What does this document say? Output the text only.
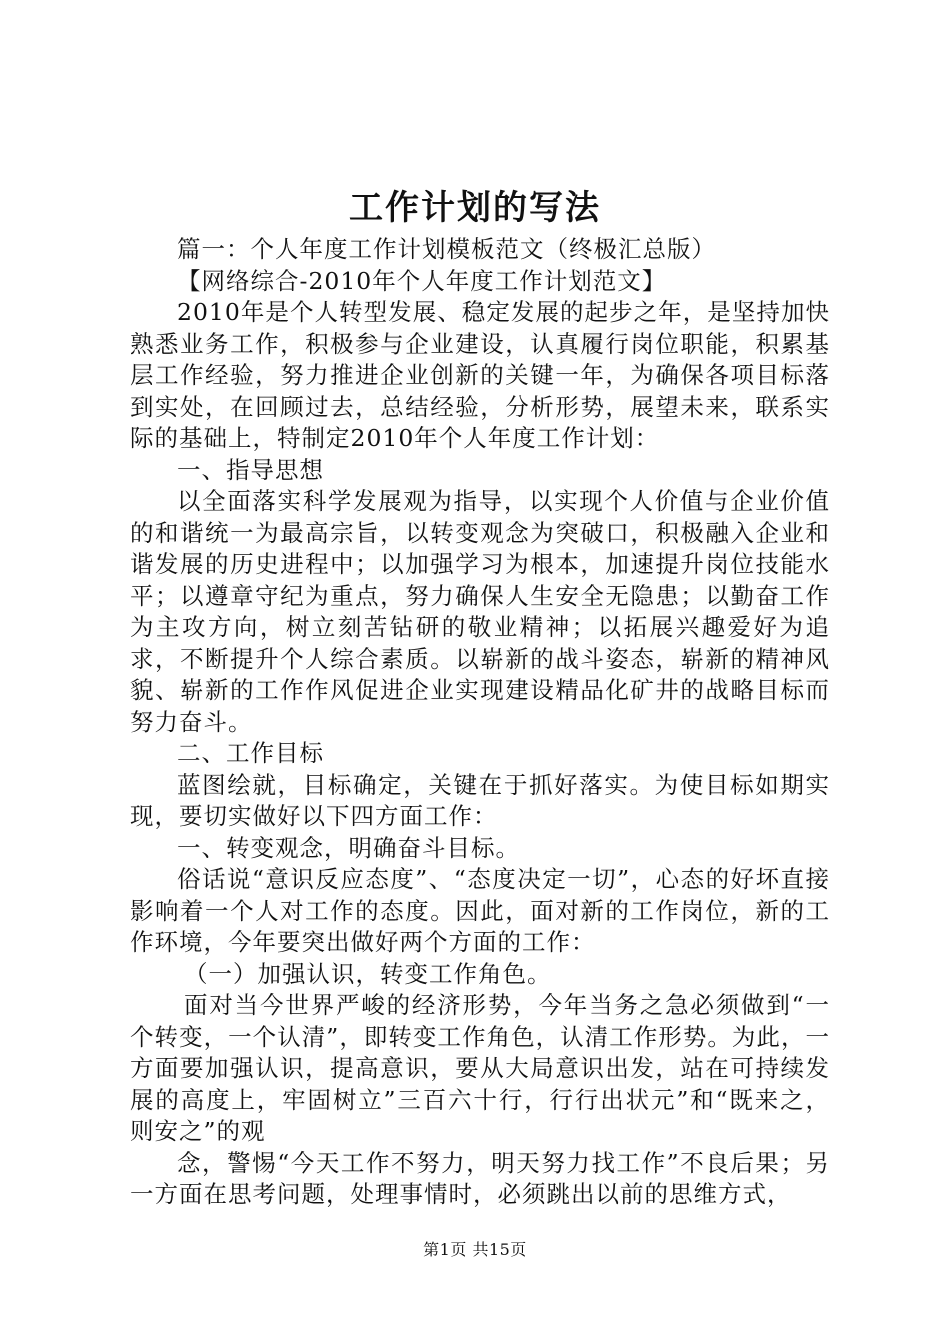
工作计划的写法

篇一：个人年度工作计划模板范文（终极汇总版）

【网络综合-2010年个人年度工作计划范文】

2010年是个人转型发展、稳定发展的起步之年，是坚持加快熟悉业务工作，积极参与企业建设，认真履行岗位职能，积累基层工作经验，努力推进企业创新的关键一年，为确保各项目标落到实处，在回顾过去，总结经验，分析形势，展望未来，联系实际的基础上，特制定2010年个人年度工作计划：

一、指导思想

以全面落实科学发展观为指导，以实现个人价值与企业价值的和谐统一为最高宗旨，以转变观念为突破口，积极融入企业和谐发展的历史进程中；以加强学习为根本，加速提升岗位技能水平；以遵章守纪为重点，努力确保人生安全无隐患；以勤奋工作为主攻方向，树立刻苦钻研的敬业精神；以拓展兴趣爱好为追求，不断提升个人综合素质。以崭新的战斗姿态，崭新的精神风貌、崭新的工作作风促进企业实现建设精品化矿井的战略目标而努力奋斗。

二、工作目标

蓝图绘就，目标确定，关键在于抓好落实。为使目标如期实现，要切实做好以下四方面工作：

一、转变观念，明确奋斗目标。

俗话说“意识反应态度”、“态度决定一切”，心态的好坏直接影响着一个人对工作的态度。因此，面对新的工作岗位，新的工作环境，今年要突出做好两个方面的工作：

（一）加强认识，转变工作角色。

面对当今世界严峻的经济形势，今年当务之急必须做到“一个转变，一个认清”，即转变工作角色，认清工作形势。为此，一方面要加强认识，提高意识，要从大局意识出发，站在可持续发展的高度上，牢固树立”三百六十行，行行出状元”和“既来之，则安之”的观

念，警惕“今天工作不努力，明天努力找工作”不良后果；另一方面在思考问题，处理事情时，必须跳出以前的思维方式，

第1页 共15页
